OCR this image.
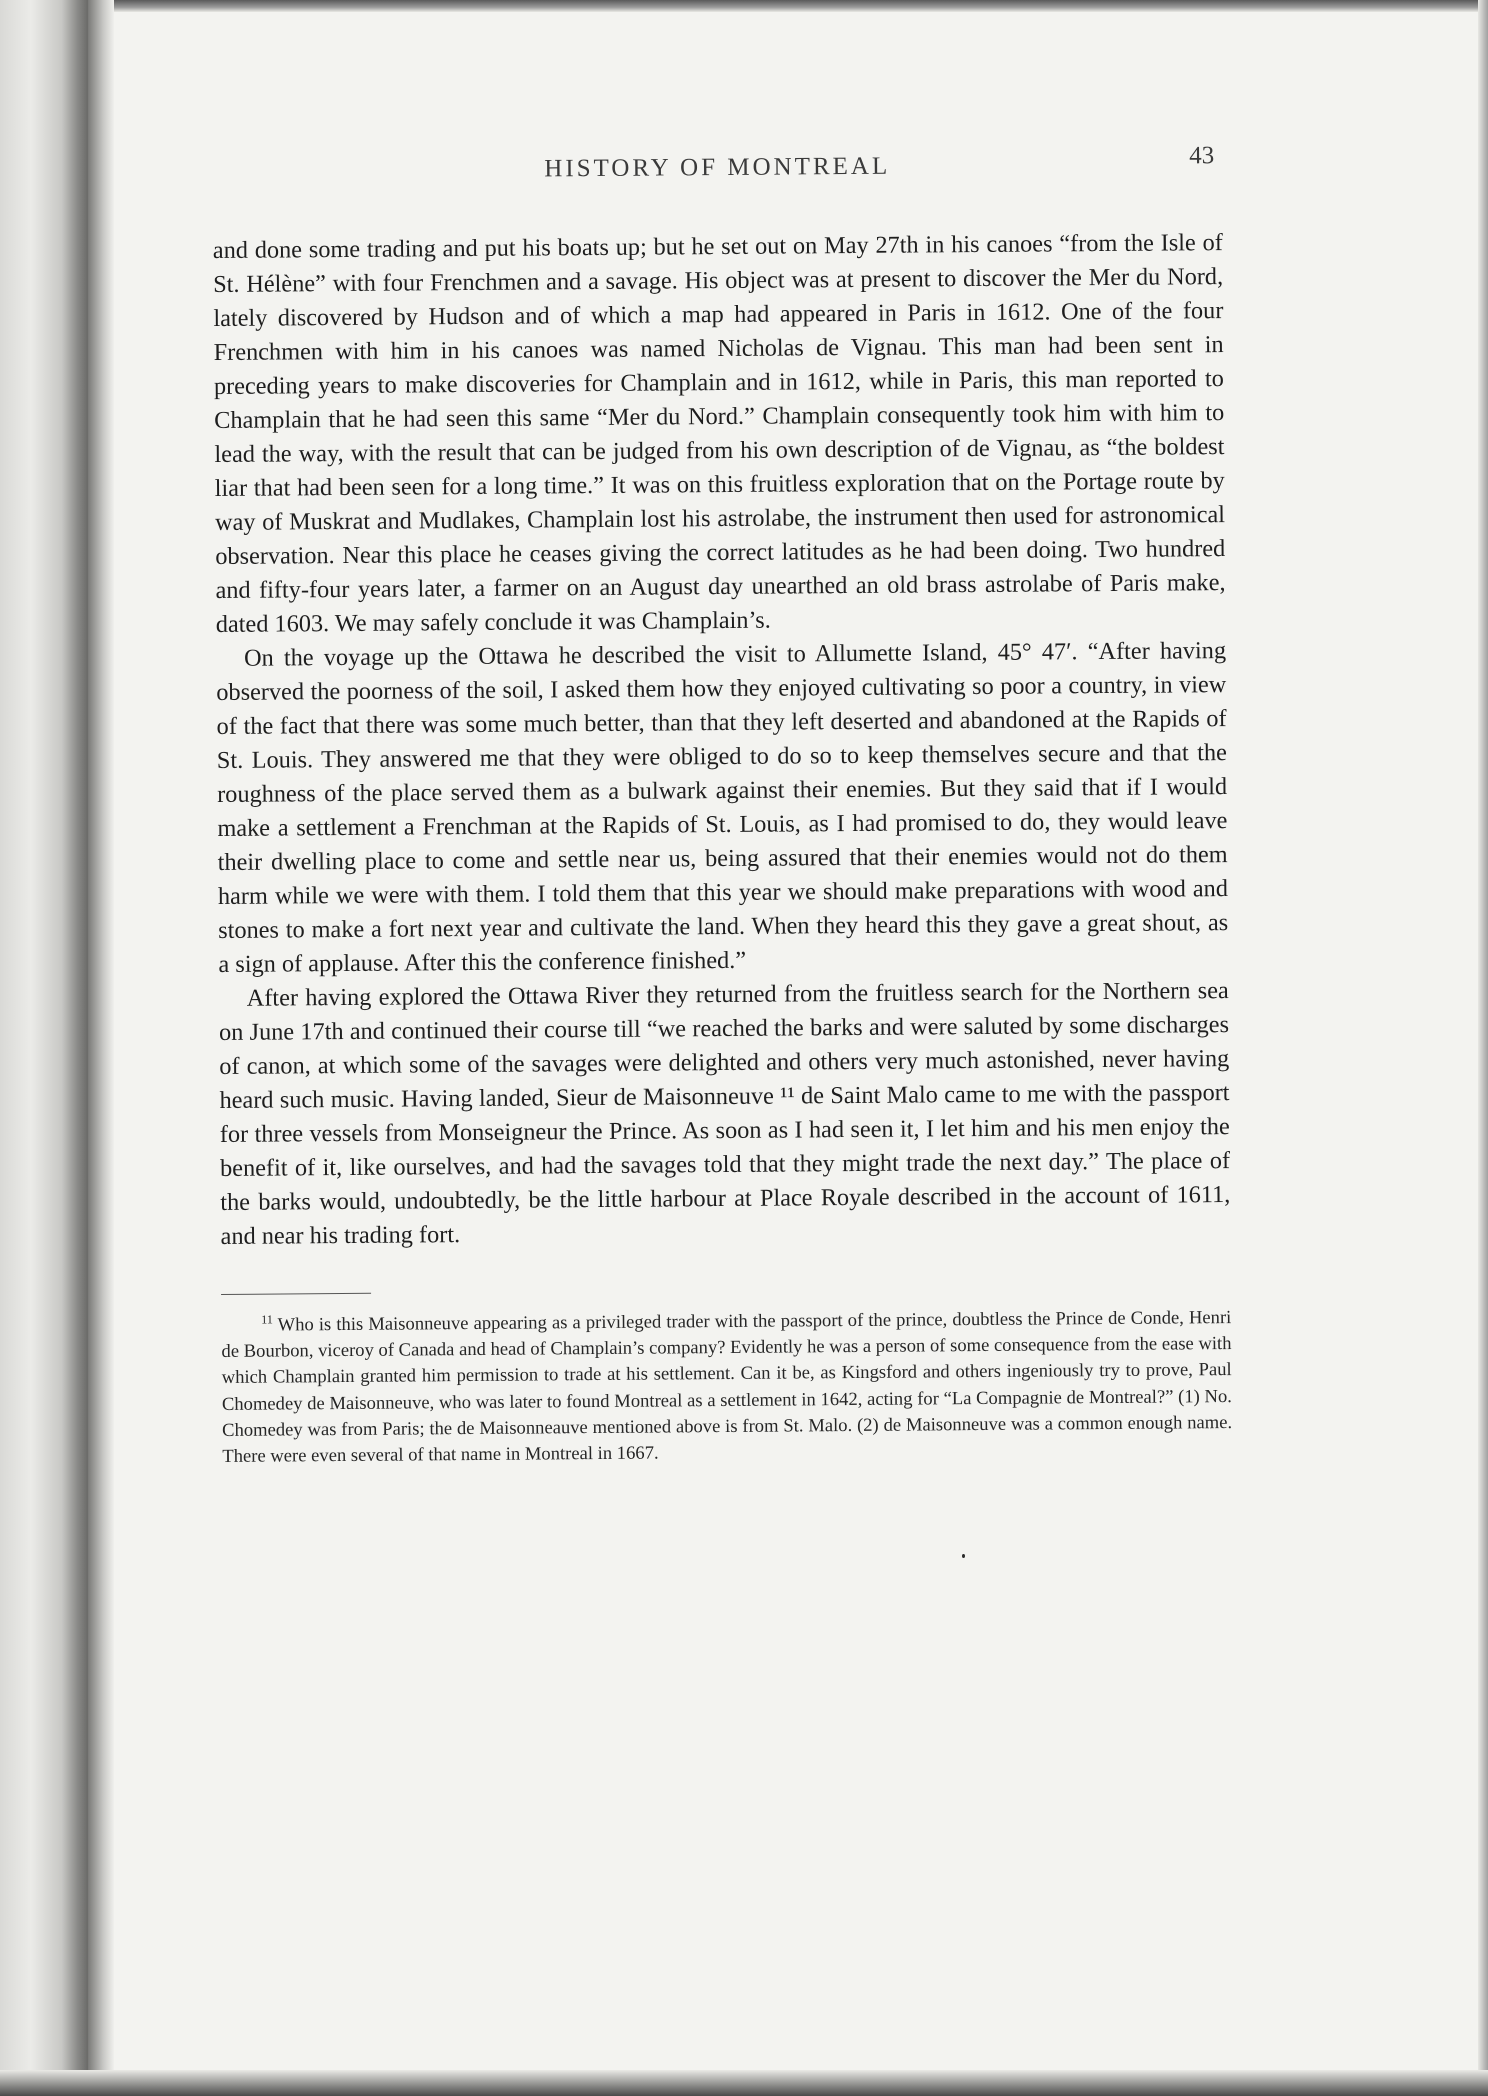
HISTORY OF MONTREAL	43

and done some trading and put his boats up; but he set out on May 27th in his canoes “from the Isle of St. Hélène” with four Frenchmen and a savage. His object was at present to discover the Mer du Nord, lately discovered by Hudson and of which a map had appeared in Paris in 1612. One of the four Frenchmen with him in his canoes was named Nicholas de Vignau. This man had been sent in preceding years to make discoveries for Champlain and in 1612, while in Paris, this man reported to Champlain that he had seen this same “Mer du Nord.” Champlain consequently took him with him to lead the way, with the result that can be judged from his own description of de Vignau, as “the boldest liar that had been seen for a long time.” It was on this fruitless exploration that on the Portage route by way of Muskrat and Mudlakes, Champlain lost his astrolabe, the instrument then used for astronomical observation. Near this place he ceases giving the correct latitudes as he had been doing. Two hundred and fifty-four years later, a farmer on an August day unearthed an old brass astrolabe of Paris make, dated 1603. We may safely conclude it was Champlain’s.

On the voyage up the Ottawa he described the visit to Allumette Island, 45° 47′. “After having observed the poorness of the soil, I asked them how they enjoyed cultivating so poor a country, in view of the fact that there was some much better, than that they left deserted and abandoned at the Rapids of St. Louis. They answered me that they were obliged to do so to keep themselves secure and that the roughness of the place served them as a bulwark against their enemies. But they said that if I would make a settlement a Frenchman at the Rapids of St. Louis, as I had promised to do, they would leave their dwelling place to come and settle near us, being assured that their enemies would not do them harm while we were with them. I told them that this year we should make preparations with wood and stones to make a fort next year and cultivate the land. When they heard this they gave a great shout, as a sign of applause. After this the conference finished.”

After having explored the Ottawa River they returned from the fruitless search for the Northern sea on June 17th and continued their course till “we reached the barks and were saluted by some discharges of canon, at which some of the savages were delighted and others very much astonished, never having heard such music. Having landed, Sieur de Maisonneuve ¹¹ de Saint Malo came to me with the passport for three vessels from Monseigneur the Prince. As soon as I had seen it, I let him and his men enjoy the benefit of it, like ourselves, and had the savages told that they might trade the next day.” The place of the barks would, undoubtedly, be the little harbour at Place Royale described in the account of 1611, and near his trading fort.

$^{11}$ Who is this Maisonneuve appearing as a privileged trader with the passport of the prince, doubtless the Prince de Conde, Henri de Bourbon, viceroy of Canada and head of Champlain’s company? Evidently he was a person of some consequence from the ease with which Champlain granted him permission to trade at his settlement. Can it be, as Kingsford and others ingeniously try to prove, Paul Chomedey de Maisonneuve, who was later to found Montreal as a settlement in 1642, acting for “La Compagnie de Montreal?” (1) No. Chomedey was from Paris; the de Maisonneauve mentioned above is from St. Malo. (2) de Maisonneuve was a common enough name. There were even several of that name in Montreal in 1667.
